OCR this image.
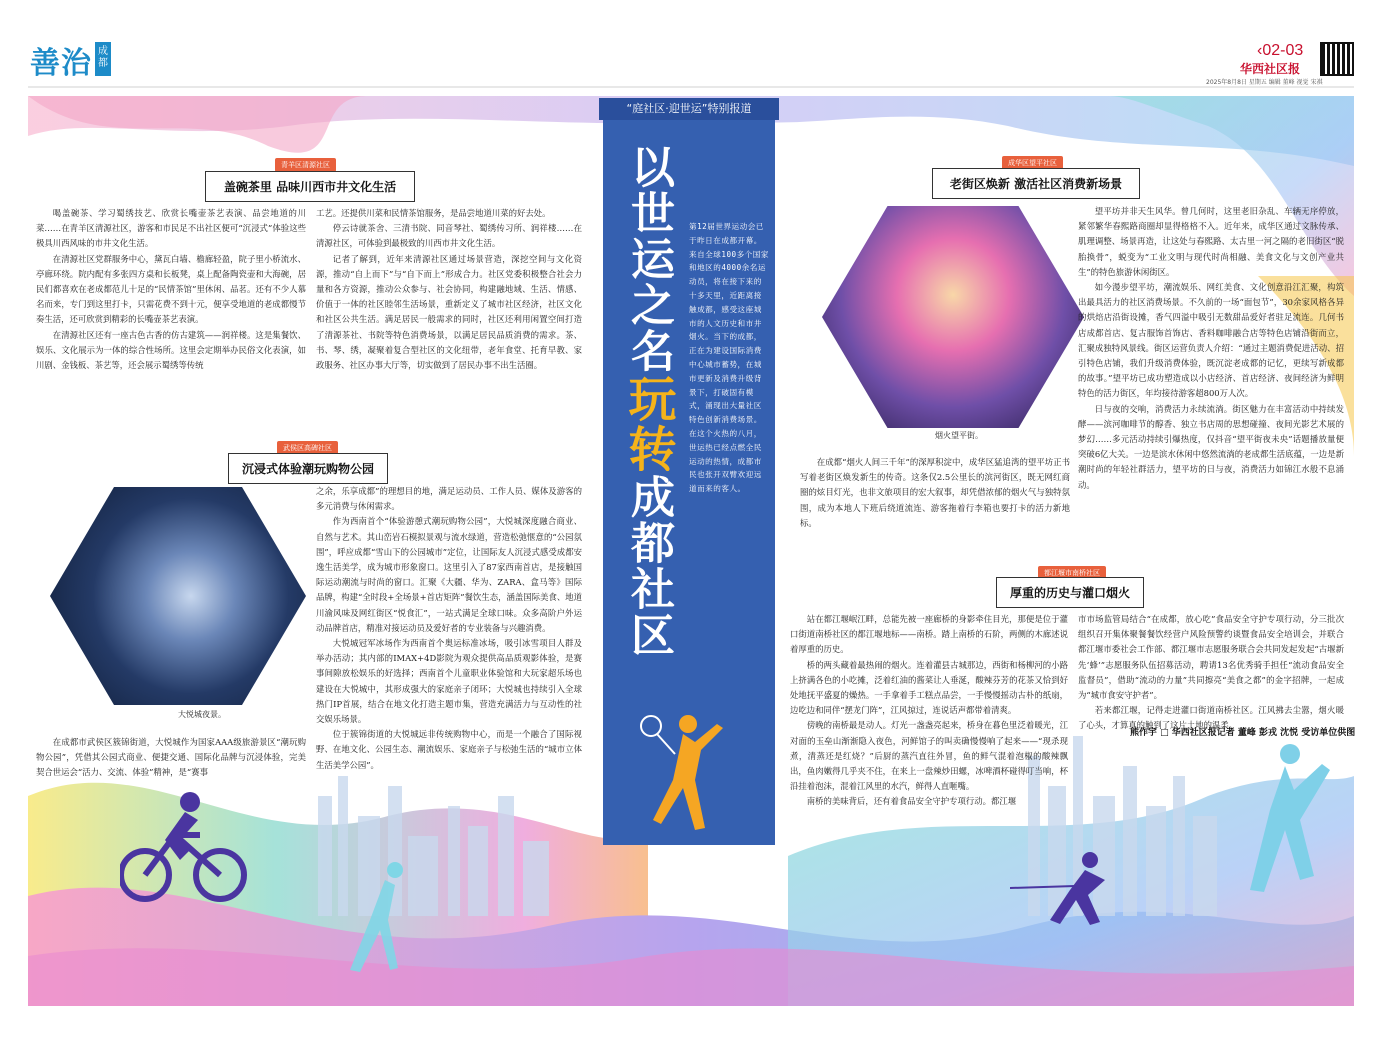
善治 成都
‹02-03
华西社区报
2025年8月8日 星期五 编辑 董峰 视觉 宋祺
“庭社区·迎世运”特别报道
以世运之名玩转成都社区
第12届世界运动会已于昨日在成都开幕。来自全球100多个国家和地区的4000余名运动员，将在接下来的十多天里，近距离接触成都，感受这座城市的人文历史和市井烟火。当下的成都，正在为建设国际消费中心城市蓄势，在城市更新及消费升级背景下，打破固有模式，涌现出大量社区特色创新消费场景。在这个火热的八月，世运热已经点燃全民运动的热情，成都市民也张开双臂欢迎远道而来的客人。
青羊区清源社区
盖碗茶里 品味川西市井文化生活

喝盖碗茶、学习蜀绣技艺、欣赏长嘴壶茶艺表演、品尝地道的川菜……在青羊区清源社区，游客和市民足不出社区便可“沉浸式”体验这些极具川西风味的市井文化生活。

在清源社区党群服务中心，黛瓦白墙、檐廊轻盈，院子里小桥流水、亭廊环绕。院内配有多张四方桌和长板凳，桌上配备陶瓷壶和大海碗，居民们都喜欢在老成都范儿十足的“民情茶馆”里休闲、品茗。还有不少人慕名而来，专门到这里打卡，只需花费不到十元，便享受地道的老成都慢节奏生活，还可欣赏到精彩的长嘴壶茶艺表演。

在清源社区还有一座古色古香的仿古建筑——润祥楼。这是集餐饮、娱乐、文化展示为一体的综合性场所。这里会定期举办民俗文化表演，如川剧、金钱板、茶艺等，还会展示蜀绣等传统

工艺。还提供川菜和民情茶馆服务，是品尝地道川菜的好去处。

停云诗就茶舍、三清书院、同音琴社、蜀绣传习所、润祥楼……在清源社区，可体验到最极致的川西市井文化生活。

记者了解到，近年来清源社区通过场景营造，深挖空间与文化资源，推动“自上而下”与“自下而上”形成合力。社区党委积极整合社会力量和各方资源，推动公众参与、社会协同，构建融地域、生活、情感、价值于一体的社区睦邻生活场景，重新定义了城市社区经济，社区文化和社区公共生活。满足居民一般需求的同时，社区还利用闲置空间打造了清源茶社、书院等特色消费场景，以满足居民品质消费的需求。茶、书、琴、绣，凝聚着复合型社区的文化纽带，老年食堂、托育早教、家政服务、社区办事大厅等，切实做到了居民办事不出生活圈。

武侯区高碑社区
沉浸式体验潮玩购物公园
大悦城夜景。

在成都市武侯区簇锦街道，大悦城作为国家AAA级旅游景区“潮玩购物公园”，凭借其公园式商业、便捷交通、国际化品牌与沉浸体验，完美契合世运会“活力、交流、体验”精神，是“赛事

之余，乐享成都”的理想目的地，满足运动员、工作人员、媒体及游客的多元消费与休闲需求。

作为西南首个“体验游憩式潮玩购物公园”，大悦城深度融合商业、自然与艺术。其山峦岩石模拟景观与流水绿道，营造松弛惬意的“公园氛围”，呼应成都“雪山下的公园城市”定位，让国际友人沉浸式感受成都安逸生活美学，成为城市形象窗口。这里引入了87家西南首店，是接触国际运动潮流与时尚的窗口。汇聚《大疆、华为、ZARA、盒马等》国际品牌，构建“全时段+全场景+首店矩阵”餐饮生态，涵盖国际美食、地道川渝风味及网红街区“悦食汇”，一站式满足全球口味。众多高阶户外运动品牌首店，精准对接运动员及爱好者的专业装备与兴趣消费。

大悦城冠军冰场作为西南首个奥运标准冰场，吸引冰雪项目人群及举办活动；其内部的IMAX+4D影院为观众提供高品质观影体验，是赛事间隙放松娱乐的好选择；西南首个儿童职业体验馆和大玩家超乐场也建设在大悦城中，其形成强大的家庭亲子闭环；大悦城也持续引入全球热门IP首展，结合在地文化打造主题市集，营造充满活力与互动性的社交娱乐场景。

位于簇锦街道的大悦城远非传统购物中心，而是一个融合了国际视野、在地文化、公园生态、潮流娱乐、家庭亲子与松弛生活的“城市立体生活美学公园”。

成华区望平社区
老街区焕新 激活社区消费新场景
烟火望平街。

在成都“烟火人间三千年”的深厚积淀中，成华区猛追湾的望平坊正书写着老街区焕发新生的传奇。这条仅2.5公里长的滨河街区，既无网红商圈的炫目灯光，也非文旅项目的宏大叙事，却凭借浓郁的烟火气与独特氛围，成为本地人下班后绕道流连、游客拖着行李箱也要打卡的活力新地标。

望平坊并非天生风华。曾几何时，这里老旧杂乱、车辆无序停放，紧邻繁华春熙路商圈却显得格格不入。近年来，成华区通过文脉传承、肌理调整、场景再造，让这处与春熙路、太古里一河之隔的老旧街区“脱胎换骨”，蜕变为“工业文明与现代时尚相融、美食文化与文创产业共生”的特色旅游休闲街区。

如今漫步望平坊，潮流娱乐、网红美食、文化创意沿江汇聚，构筑出最具活力的社区消费场景。不久前的一场“面包节”，30余家风格各异的烘焙店沿街设摊，香气四溢中吸引无数甜品爱好者驻足流连。几何书店成都首店、复古服饰首饰店、香料咖啡融合店等特色店铺沿街而立，汇聚成独特风景线。街区运营负责人介绍：“通过主题消费促进活动、招引特色店铺，我们升级消费体验，既沉淀老成都的记忆，更续写新成都的故事。”望平坊已成功塑造成以小店经济、首店经济、夜间经济为鲜明特色的活力街区，年均接待游客超800万人次。

日与夜的交响，消费活力永续流淌。街区魅力在丰富活动中持续发酵——滨河咖啡节的醇香、独立书店周的思想碰撞、夜间光影艺术展的梦幻……多元活动持续引爆热度，仅抖音“望平街夜未央”话题播放量便突破6亿大关。一边是滨水休闲中悠然流淌的老成都生活底蕴，一边是新潮时尚的年轻社群活力，望平坊的日与夜，消费活力如锦江水般不息涌动。

都江堰市南桥社区
厚重的历史与灌口烟火

站在都江堰岷江畔，总能先被一座廊桥的身影牵住目光，那便是位于灌口街道南桥社区的都江堰地标——南桥。踏上南桥的石阶，两侧的木廊述说着厚重的历史。

桥的两头藏着最热闹的烟火。连着灌县古城那边，西街和杨柳河的小路上挤满各色的小吃摊，泛着红油的酱菜让人垂涎，酸辣芬芳的花茶又恰到好处地抚平盛夏的燥热。一手拿着手工糕点品尝，一手慢慢摇动古朴的纸扇，边吃边和同伴“摆龙门阵”，江风掠过，连说话声都带着清爽。

傍晚的南桥最是动人。灯光一盏盏亮起来，桥身在暮色里泛着暖光，江对面的玉垒山渐渐隐入夜色，河鲜馆子的叫卖确慢慢响了起来——“现杀现煮，清蒸还是红烧？”后厨的蒸汽直往外冒，鱼的鲜气混着泡椒的酸辣飘出，鱼肉嫩得几乎夹不住，在来上一盘辣炒田螺，冰啤酒杯碰得叮当响，杯沿挂着泡沫，混着江风里的水汽，鲜得人直咂嘴。

南桥的美味背后，还有着食品安全守护专项行动。都江堰

市市场监管局结合“在成都，放心吃”食品安全守护专项行动，分三批次组织召开集体聚餐餐饮经营户风险预警约谈暨食品安全培训会，并联合都江堰市委社会工作部、都江堰市志愿服务联合会共同发起发起“古堰新先‘蜂’”志愿服务队伍招募活动，聘请13名优秀骑手担任“流动食品安全监督员”，借助“流动的力量”共同擦亮“美食之都”的金字招牌，一起成为“城市食安守护者”。

若来都江堰，记得走进灌口街道南桥社区。江风拂去尘嚣，烟火暖了心头，才算真的触到了这片土地的温柔。

熊作宇 □ 华西社区报记者 董峰 彭戎 沈悦 受访单位供图
